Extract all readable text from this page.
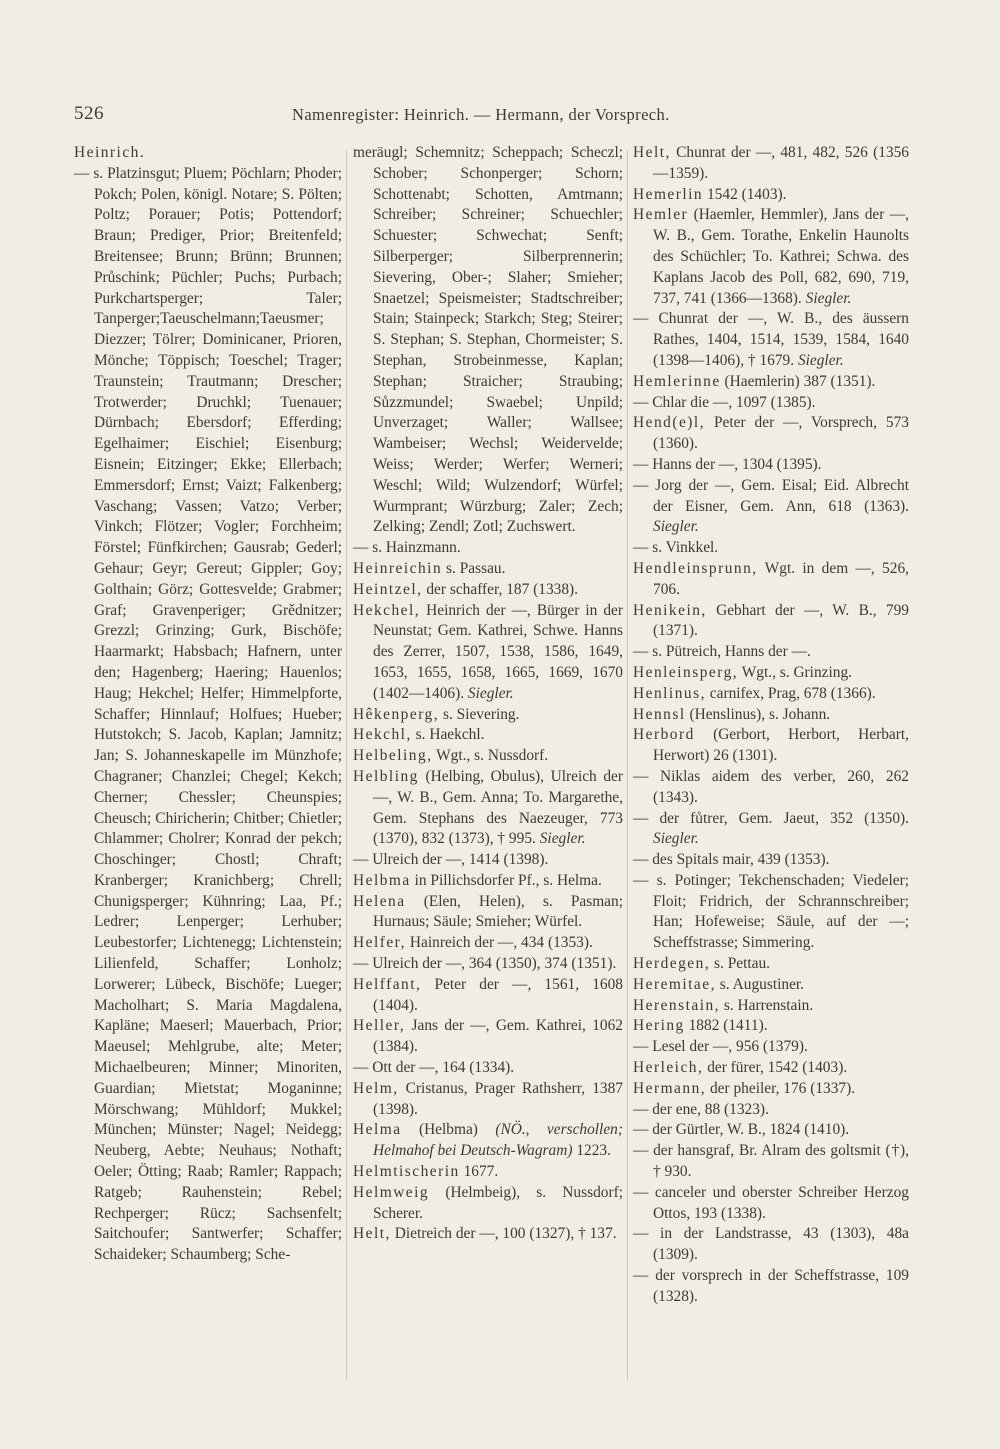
526	Namenregister: Heinrich. — Hermann, der Vorsprech.
Heinrich.
— s. Platzinsgut; Pluem; Pöchlarn; Phoder; Pokch; Polen, königl. Notare; S. Pölten; Poltz; Porauer; Potis; Pottendorf; Braun; Prediger, Prior; Breitenfeld; Breitensee; Brunn; Brünn; Brunnen; Průschink; Püchler; Puchs; Purbach; Purkchartsperger; Taler; Tanperger;Taeuschelmann;Taeusmer; Diezzer; Tölrer; Dominicaner, Prioren, Mönche; Töppisch; Toeschel; Trager; Traunstein; Trautmann; Drescher; Trotwerder; Druchkl; Tuenauer; Dürnbach; Ebersdorf; Efferding; Egelhaimer; Eischiel; Eisenburg; Eisnein; Eitzinger; Ekke; Ellerbach; Emmersdorf; Ernst; Vaizt; Falkenberg; Vaschang; Vassen; Vatzo; Verber; Vinkch; Flötzer; Vogler; Forchheim; Förstel; Fünfkirchen; Gausrab; Gederl; Gehaur; Geyr; Gereut; Gippler; Goy; Golthain; Görz; Gottesvelde; Grabmer; Graf; Gravenperiger; Grědnitzer; Grezzl; Grinzing; Gurk, Bischöfe; Haarmarkt; Habsbach; Hafnern, unter den; Hagenberg; Haering; Hauenlos; Haug; Hekchel; Helfer; Himmelpforte, Schaffer; Hinnlauf; Holfues; Hueber; Hutstokch; S. Jacob, Kaplan; Jamnitz; Jan; S. Johanneskapelle im Münzhofe; Chagraner; Chanzlei; Chegel; Kekch; Cherner; Chessler; Cheunspies; Cheusch; Chiricherin; Chitber; Chietler; Chlammer; Cholrer; Konrad der pekch; Choschinger; Chostl; Chraft; Kranberger; Kranichberg; Chrell; Chunigsperger; Kühnring; Laa, Pf.; Ledrer; Lenperger; Lerhuber; Leubestorfer; Lichtenegg; Lichtenstein; Lilienfeld, Schaffer; Lonholz; Lorwerer; Lübeck, Bischöfe; Lueger; Macholhart; S. Maria Magdalena, Kapläne; Maeserl; Mauerbach, Prior; Maeusel; Mehlgrube, alte; Meter; Michaelbeuren; Minner; Minoriten, Guardian; Mietstat; Moganinne; Mörschwang; Mühldorf; Mukkel; München; Münster; Nagel; Neidegg; Neuberg, Aebte; Neuhaus; Nothaft; Oeler; Ötting; Raab; Ramler; Rappach; Ratgeb; Rauhenstein; Rebel; Rechperger; Rücz; Sachsenfelt; Saitchoufer; Santwerfer; Schaffer; Schaideker; Schaumberg; Sche-
meräugl; Schemnitz; Scheppach; Scheczl; Schober; Schonperger; Schorn; Schottenabt; Schotten, Amtmann; Schreiber; Schreiner; Schuechler; Schuester; Schwechat; Senft; Silberperger; Silberprennerin; Sievering, Ober-; Slaher; Smieher; Snaetzel; Speismeister; Stadtschreiber; Stain; Stainpeck; Starkch; Steg; Steirer; S. Stephan; S. Stephan, Chormeister; S. Stephan, Strobeinmesse, Kaplan; Stephan; Straicher; Straubing; Sůzzmundel; Swaebel; Unpild; Unverzaget; Waller; Wallsee; Wambeiser; Wechsl; Weidervelde; Weiss; Werder; Werfer; Werneri; Weschl; Wild; Wulzendorf; Würfel; Wurmprant; Würzburg; Zaler; Zech; Zelking; Zendl; Zotl; Zuchswert.
— s. Hainzmann.
Heinreichin s. Passau.
Heintzel, der schaffer, 187 (1338).
Hekchel, Heinrich der —, Bürger in der Neunstat; Gem. Kathrei, Schwe. Hanns des Zerrer, 1507, 1538, 1586, 1649, 1653, 1655, 1658, 1665, 1669, 1670 (1402—1406). Siegler.
Hêkenperg, s. Sievering.
Hekchl, s. Haekchl.
Helbeling, Wgt., s. Nussdorf.
Helbling (Helbing, Obulus), Ulreich der —, W. B., Gem. Anna; To. Margarethe, Gem. Stephans des Naezeuger, 773 (1370), 832 (1373), † 995. Siegler.
— Ulreich der —, 1414 (1398).
Helbma in Pillichsdorfer Pf., s. Helma.
Helena (Elen, Helen), s. Pasman; Hurnaus; Säule; Smieher; Würfel.
Helfer, Hainreich der —, 434 (1353).
— Ulreich der —, 364 (1350), 374 (1351).
Helffant, Peter der —, 1561, 1608 (1404).
Heller, Jans der —, Gem. Kathrei, 1062 (1384).
— Ott der —, 164 (1334).
Helm, Cristanus, Prager Rathsherr, 1387 (1398).
Helma (Helbma) (NÖ., verschollen; Helmahof bei Deutsch-Wagram) 1223.
Helmtischerin 1677.
Helmweig (Helmbeig), s. Nussdorf; Scherer.
Helt, Dietreich der —, 100 (1327), † 137.
Helt, Chunrat der —, 481, 482, 526 (1356—1359).
Hemerlin 1542 (1403).
Hemler (Haemler, Hemmler), Jans der —, W. B., Gem. Torathe, Enkelin Haunolts des Schüchler; To. Kathrei; Schwa. des Kaplans Jacob des Poll, 682, 690, 719, 737, 741 (1366—1368). Siegler.
— Chunrat der —, W. B., des äussern Rathes, 1404, 1514, 1539, 1584, 1640 (1398—1406), † 1679. Siegler.
Hemlerinne (Haemlerin) 387 (1351).
— Chlar die —, 1097 (1385).
Hend(e)l, Peter der —, Vorsprech, 573 (1360).
— Hanns der —, 1304 (1395).
— Jorg der —, Gem. Eisal; Eid. Albrecht der Eisner, Gem. Ann, 618 (1363). Siegler.
— s. Vinkkel.
Hendleinsprunn, Wgt. in dem —, 526, 706.
Henikein, Gebhart der —, W. B., 799 (1371).
— s. Pütreich, Hanns der —.
Henleinsperg, Wgt., s. Grinzing.
Henlinus, carnifex, Prag, 678 (1366).
Hennsl (Henslinus), s. Johann.
Herbord (Gerbort, Herbort, Herbart, Herwort) 26 (1301).
— Niklas aidem des verber, 260, 262 (1343).
— der fůtrer, Gem. Jaeut, 352 (1350). Siegler.
— des Spitals mair, 439 (1353).
— s. Potinger; Tekchenschaden; Viedeler; Floit; Fridrich, der Schrannschreiber; Han; Hofeweise; Säule, auf der —; Scheffstrasse; Simmering.
Herdegen, s. Pettau.
Heremitae, s. Augustiner.
Herenstain, s. Harrenstain.
Hering 1882 (1411).
— Lesel der —, 956 (1379).
Herleich, der fürer, 1542 (1403).
Hermann, der pheiler, 176 (1337).
— der ene, 88 (1323).
— der Gürtler, W. B., 1824 (1410).
— der hansgraf, Br. Alram des goltsmit (†), † 930.
— canceler und oberster Schreiber Herzog Ottos, 193 (1338).
— in der Landstrasse, 43 (1303), 48a (1309).
— der vorsprech in der Scheffstrasse, 109 (1328).
